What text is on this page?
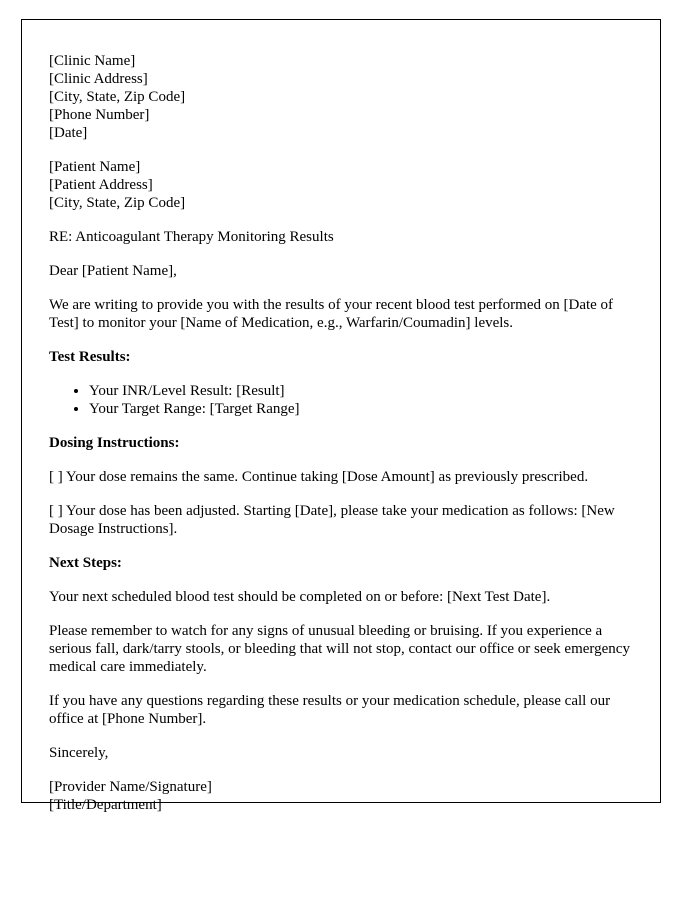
[Clinic Name]
[Clinic Address]
[City, State, Zip Code]
[Phone Number]
[Date]

[Patient Name]
[Patient Address]
[City, State, Zip Code]

RE: Anticoagulant Therapy Monitoring Results

Dear [Patient Name],

We are writing to provide you with the results of your recent blood test performed on [Date of Test] to monitor your [Name of Medication, e.g., Warfarin/Coumadin] levels.

Test Results:

• Your INR/Level Result: [Result]
• Your Target Range: [Target Range]

Dosing Instructions:

[ ] Your dose remains the same. Continue taking [Dose Amount] as previously prescribed.

[ ] Your dose has been adjusted. Starting [Date], please take your medication as follows: [New Dosage Instructions].

Next Steps:

Your next scheduled blood test should be completed on or before: [Next Test Date].

Please remember to watch for any signs of unusual bleeding or bruising. If you experience a serious fall, dark/tarry stools, or bleeding that will not stop, contact our office or seek emergency medical care immediately.

If you have any questions regarding these results or your medication schedule, please call our office at [Phone Number].

Sincerely,

[Provider Name/Signature]
[Title/Department]
